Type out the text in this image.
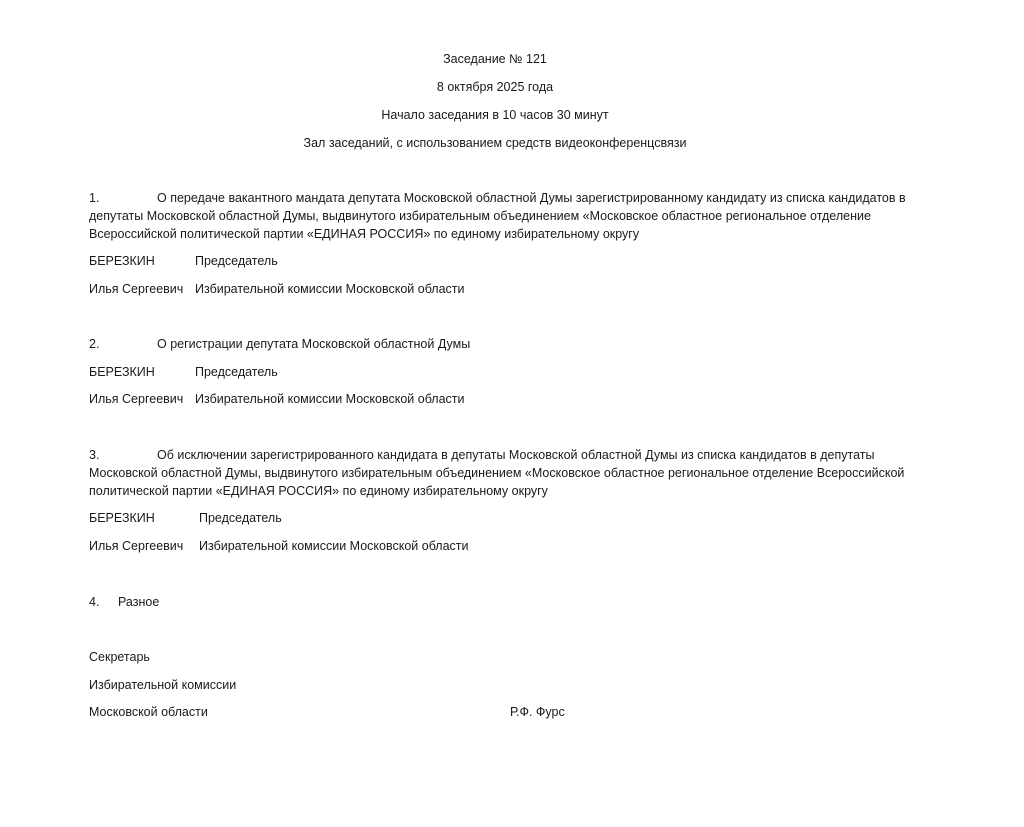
Заседание № 121
8 октября 2025 года
Начало заседания в 10 часов 30 минут
Зал заседаний, с использованием средств видеоконференцсвязи
1.	О передаче вакантного мандата депутата Московской областной Думы зарегистрированному кандидату из списка кандидатов в депутаты Московской областной Думы, выдвинутого избирательным объединением «Московское областное региональное отделение Всероссийской политической партии «ЕДИНАЯ РОССИЯ» по единому избирательному округу
БЕРЕЗКИН	Председатель
Илья Сергеевич Избирательной комиссии Московской области
2.	О регистрации депутата Московской областной Думы
БЕРЕЗКИН	Председатель
Илья Сергеевич Избирательной комиссии Московской области
3.	Об исключении зарегистрированного кандидата в депутаты Московской областной Думы из списка кандидатов в депутаты Московской областной Думы, выдвинутого избирательным объединением «Московское областное региональное отделение Всероссийской политической партии «ЕДИНАЯ РОССИЯ» по единому избирательному округу
БЕРЕЗКИН	Председатель
Илья Сергеевич Избирательной комиссии Московской области
4. Разное
Секретарь
Избирательной комиссии
Московской области	Р.Ф. Фурс
